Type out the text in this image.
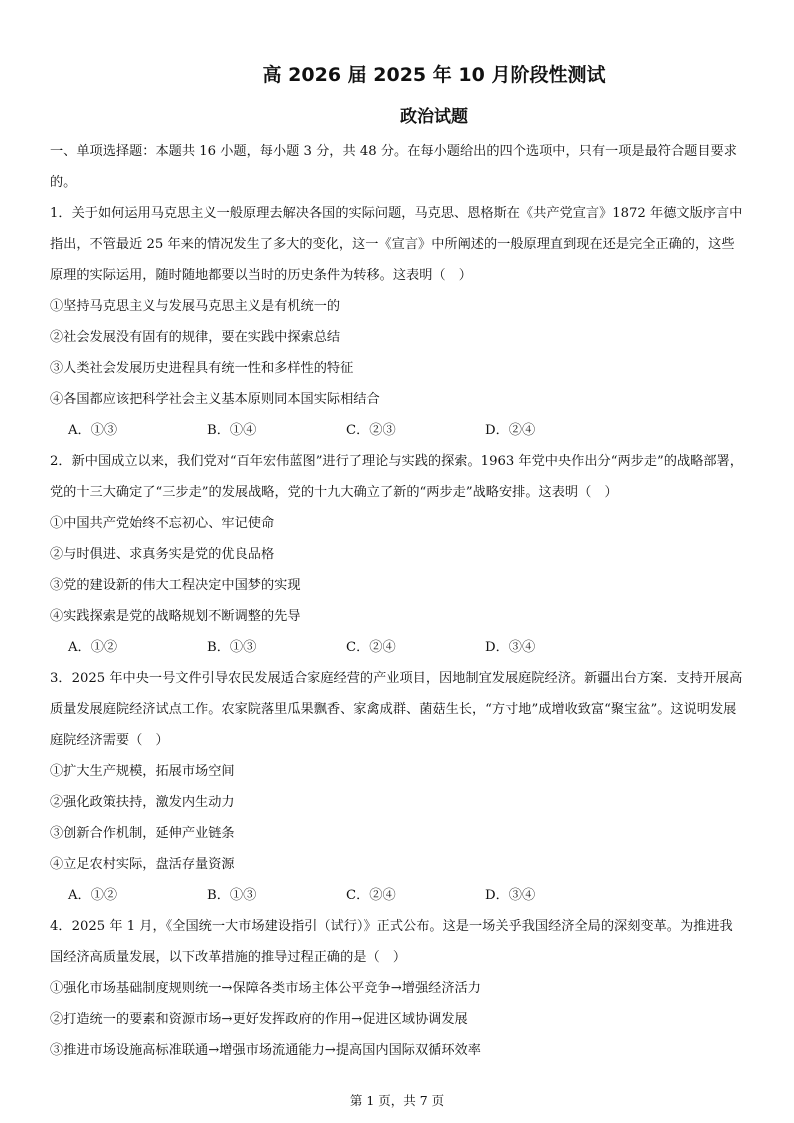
高 2026 届 2025 年 10 月阶段性测试
政治试题

一、单项选择题：本题共 16 小题，每小题 3 分，共 48 分。在每小题给出的四个选项中，只有一项是最符合题目要求的。

1．关于如何运用马克思主义一般原理去解决各国的实际问题，马克思、恩格斯在《共产党宣言》1872 年德文版序言中指出，不管最近 25 年来的情况发生了多大的变化，这一《宣言》中所阐述的一般原理直到现在还是完全正确的，这些原理的实际运用，随时随地都要以当时的历史条件为转移。这表明（　）

①坚持马克思主义与发展马克思主义是有机统一的

②社会发展没有固有的规律，要在实践中探索总结

③人类社会发展历史进程具有统一性和多样性的特征

④各国都应该把科学社会主义基本原则同本国实际相结合

A．①③	B．①④	C．②③	D．②④

2．新中国成立以来，我们党对“百年宏伟蓝图”进行了理论与实践的探索。1963 年党中央作出分“两步走”的战略部署，党的十三大确定了“三步走”的发展战略，党的十九大确立了新的“两步走”战略安排。这表明（　）

①中国共产党始终不忘初心、牢记使命

②与时俱进、求真务实是党的优良品格

③党的建设新的伟大工程决定中国梦的实现

④实践探索是党的战略规划不断调整的先导

A．①②	B．①③	C．②④	D．③④

3．2025 年中央一号文件引导农民发展适合家庭经营的产业项目，因地制宜发展庭院经济。新疆出台方案．支持开展高质量发展庭院经济试点工作。农家院落里瓜果飘香、家禽成群、菌菇生长，“方寸地”成增收致富“聚宝盆”。这说明发展庭院经济需要（　）

①扩大生产规模，拓展市场空间

②强化政策扶持，激发内生动力

③创新合作机制，延伸产业链条

④立足农村实际，盘活存量资源

A．①②	B．①③	C．②④	D．③④

4．2025 年 1 月，《全国统一大市场建设指引（试行）》正式公布。这是一场关乎我国经济全局的深刻变革。为推进我国经济高质量发展，以下改革措施的推导过程正确的是（　）

①强化市场基础制度规则统一→保障各类市场主体公平竞争→增强经济活力

②打造统一的要素和资源市场→更好发挥政府的作用→促进区域协调发展

③推进市场设施高标准联通→增强市场流通能力→提高国内国际双循环效率

第 1 页，共 7 页
